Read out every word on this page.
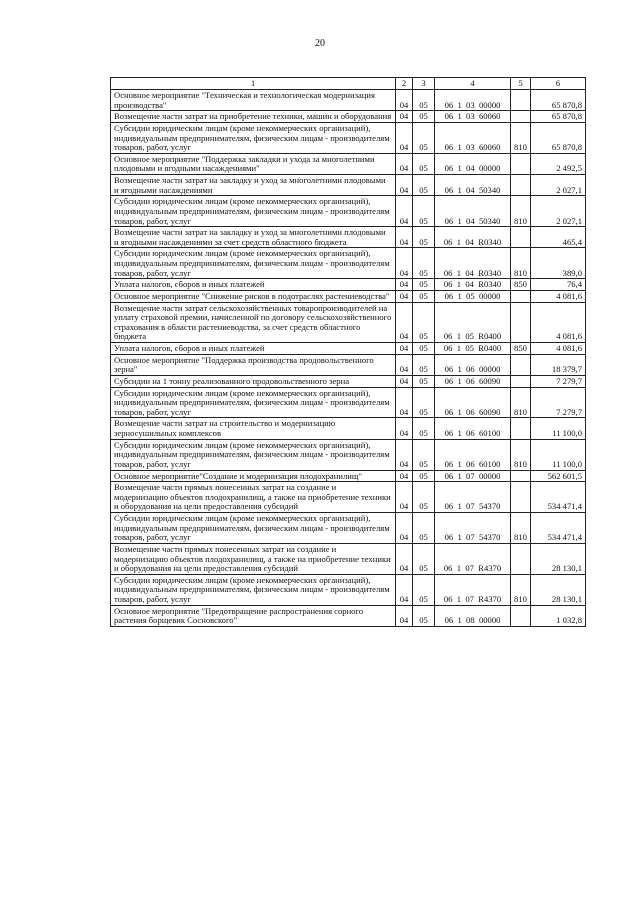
20
1	2	3	4	5	6
Основное мероприятие "Техническая и технологическая модернизация производства"	04	05	06  1  03  00000		65 870,8
Возмещение части затрат на приобретение техники, машин и оборудования	04	05	06  1  03  60060		65 870,8
Субсидии юридическим лицам (кроме некоммерческих организаций), индивидуальным предпринимателям, физическим лицам - производителям товаров, работ, услуг	04	05	06  1  03  60060	810	65 870,8
Основное мероприятие "Поддержка закладки и ухода за многолетними плодовыми и ягодными насаждениями"	04	05	06  1  04  00000		2 492,5
Возмещение части затрат на закладку и уход за многолетними плодовыми и ягодными насаждениями	04	05	06  1  04  50340		2 027,1
Субсидии юридическим лицам (кроме некоммерческих организаций), индивидуальным предпринимателям, физическим лицам - производителям товаров, работ, услуг	04	05	06  1  04  50340	810	2 027,1
Возмещение части затрат на закладку и уход за многолетними плодовыми и ягодными насаждениями за счет средств областного бюджета	04	05	06  1  04  R0340		465,4
Субсидии юридическим лицам (кроме некоммерческих организаций), индивидуальным предпринимателям, физическим лицам - производителям товаров, работ, услуг	04	05	06  1  04  R0340	810	389,0
Уплата налогов, сборов и иных платежей	04	05	06  1  04  R0340	850	76,4
Основное мероприятие "Снижение рисков в подотраслях растениеводства"	04	05	06  1  05  00000		4 081,6
Возмещение части затрат сельскохозяйственных товаропроизводителей на уплату страховой премии, начисленной по договору сельскохозяйственного страхования в области растениеводства, за счет средств областного бюджета	04	05	06  1  05  R0400		4 081,6
Уплата налогов, сборов и иных платежей	04	05	06  1  05  R0400	850	4 081,6
Основное мероприятие "Поддержка производства продовольственного зерна"	04	05	06  1  06  00000		18 379,7
Субсидии на 1 тонну реализованного продовольственного зерна	04	05	06  1  06  60090		7 279,7
Субсидии юридическим лицам (кроме некоммерческих организаций), индивидуальным предпринимателям, физическим лицам - производителям товаров, работ, услуг	04	05	06  1  06  60090	810	7 279,7
Возмещение части затрат на строительство и модернизацию зерносушильных комплексов	04	05	06  1  06  60100		11 100,0
Субсидии юридическим лицам (кроме некоммерческих организаций), индивидуальным предпринимателям, физическим лицам - производителям товаров, работ, услуг	04	05	06  1  06  60100	810	11 100,0
Основное мероприятие"Создание и модернизация плодохранилищ"	04	05	06  1  07  00000		562 601,5
Возмещение части прямых понесенных затрат на создание и модернизацию объектов плодохранилищ, а также на приобретение техники и оборудования на цели предоставления субсидий	04	05	06  1  07  54370		534 471,4
Субсидии юридическим лицам (кроме некоммерческих организаций), индивидуальным предпринимателям, физическим лицам - производителям товаров, работ, услуг	04	05	06  1  07  54370	810	534 471,4
Возмещение части прямых понесенных затрат на создание и модернизацию объектов плодохранилищ, а также на приобретение техники и оборудования на цели предоставления субсидий	04	05	06  1  07  R4370		28 130,1
Субсидии юридическим лицам (кроме некоммерческих организаций), индивидуальным предпринимателям, физическим лицам - производителям товаров, работ, услуг	04	05	06  1  07  R4370	810	28 130,1
Основное мероприятие "Предотвращение распространения сорного растения борщевик Сосновского"	04	05	06  1  08  00000		1 032,8
